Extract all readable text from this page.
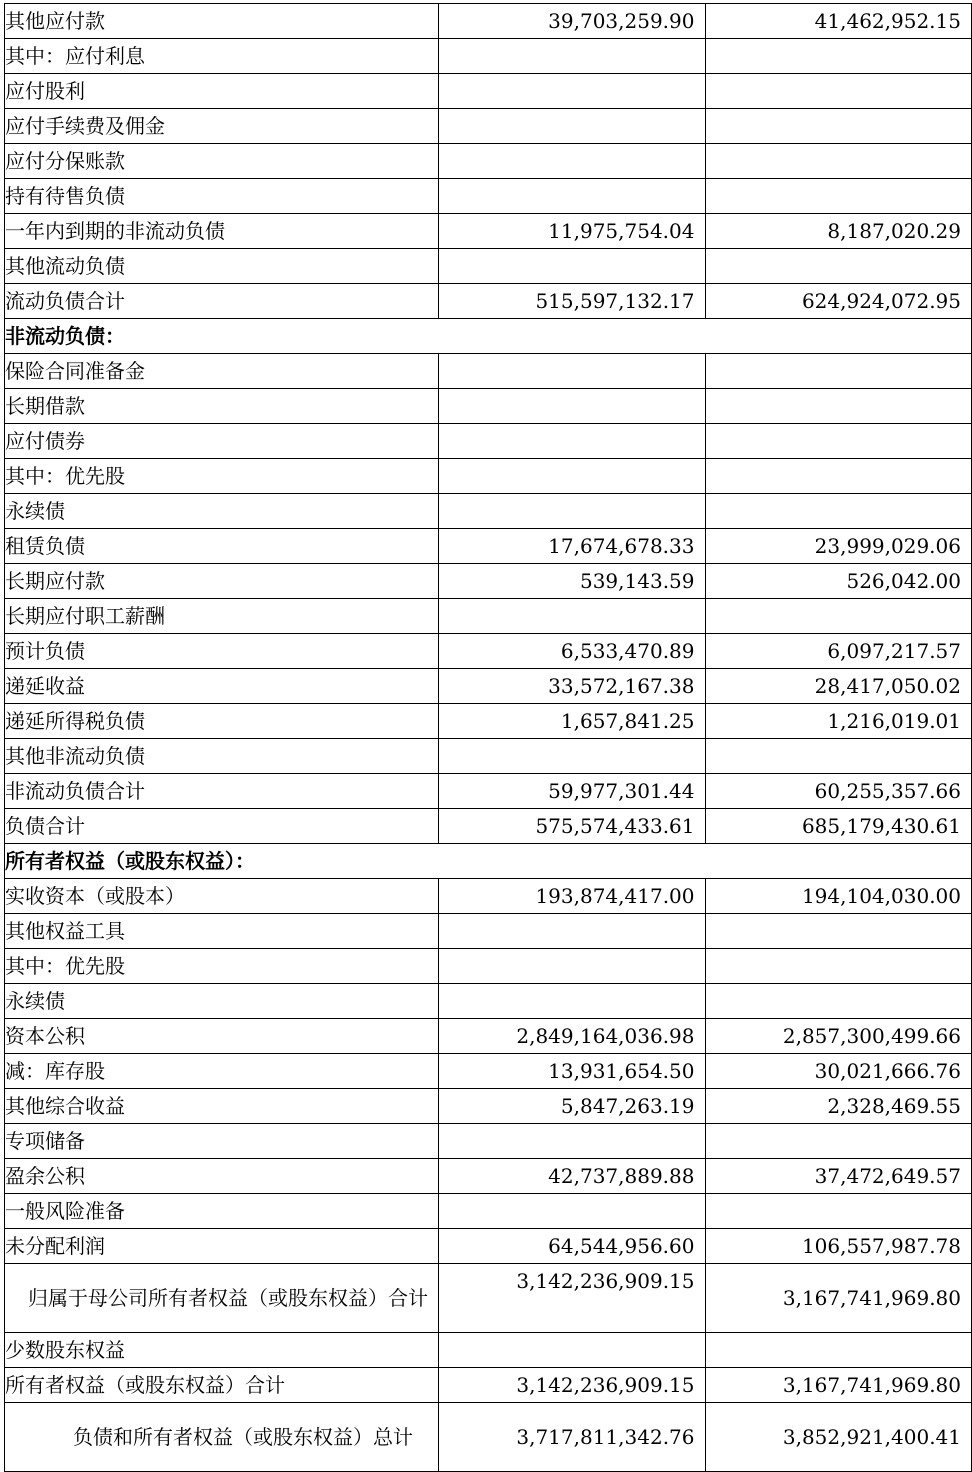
其他应付款	39,703,259.90	41,462,952.15
其中：应付利息		
应付股利		
应付手续费及佣金		
应付分保账款		
持有待售负债		
一年内到期的非流动负债	11,975,754.04	8,187,020.29
其他流动负债		
流动负债合计	515,597,132.17	624,924,072.95
非流动负债：		
保险合同准备金		
长期借款		
应付债券		
其中：优先股		
永续债		
租赁负债	17,674,678.33	23,999,029.06
长期应付款	539,143.59	526,042.00
长期应付职工薪酬		
预计负债	6,533,470.89	6,097,217.57
递延收益	33,572,167.38	28,417,050.02
递延所得税负债	1,657,841.25	1,216,019.01
其他非流动负债		
非流动负债合计	59,977,301.44	60,255,357.66
负债合计	575,574,433.61	685,179,430.61
所有者权益（或股东权益）：		
实收资本（或股本）	193,874,417.00	194,104,030.00
其他权益工具		
其中：优先股		
永续债		
资本公积	2,849,164,036.98	2,857,300,499.66
减：库存股	13,931,654.50	30,021,666.76
其他综合收益	5,847,263.19	2,328,469.55
专项储备		
盈余公积	42,737,889.88	37,472,649.57
一般风险准备		
未分配利润	64,544,956.60	106,557,987.78
归属于母公司所有者权益（或股东权益）合计	3,142,236,909.15	3,167,741,969.80
少数股东权益		
所有者权益（或股东权益）合计	3,142,236,909.15	3,167,741,969.80
负债和所有者权益（或股东权益）总计	3,717,811,342.76	3,852,921,400.41
